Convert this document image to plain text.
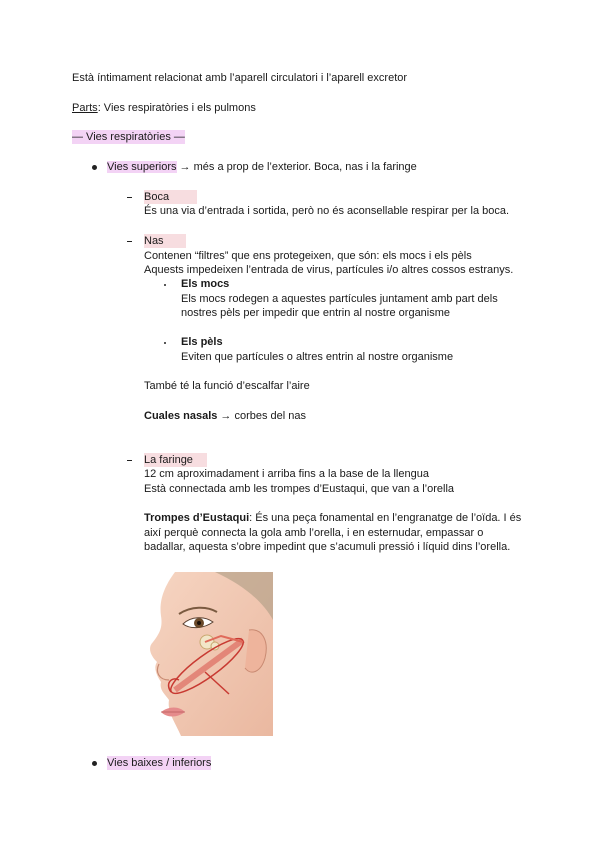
Està íntimament relacionat amb l’aparell circulatori i l’aparell excretor
Parts: Vies respiratòries i els pulmons
— Vies respiratòries —
Vies superiors → més a prop de l’exterior. Boca, nas i la faringe
Boca
És una via d’entrada i sortida, però no és aconsellable respirar per la boca.
Nas
Contenen “filtres” que ens protegeixen, que són: els mocs i els pèls
Aquests impedeixen l’entrada de virus, partícules i/o altres cossos estranys.
Els mocs
Els mocs rodegen a aquestes partícules juntament amb part dels
nostres pèls per impedir que entrin al nostre organisme
Els pèls
Eviten que partícules o altres entrin al nostre organisme
També té la funció d’escalfar l’aire
Cuales nasals → corbes del nas
La faringe
12 cm aproximadament i arriba fins a la base de la llengua
Està connectada amb les trompes d’Eustaqui, que van a l’orella
Trompes d’Eustaqui: És una peça fonamental en l’engranatge de l’oïda. I és
així perquè connecta la gola amb l’orella, i en esternudar, empassar o
badallar, aquesta s’obre impedint que s’acumuli pressió i líquid dins l’orella.
Vies baixes / inferiors
